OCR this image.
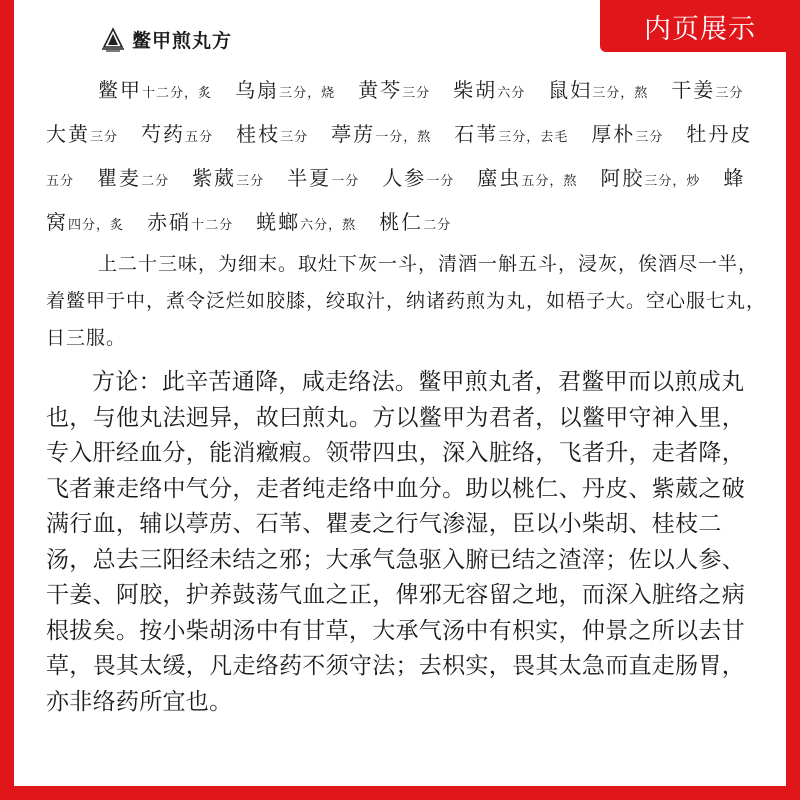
内页展示
鳖甲煎丸方

鳖甲十二分，炙 乌扇三分，烧 黄芩三分 柴胡六分 鼠妇三分，熬 干姜三分 大黄三分 芍药五分 桂枝三分 葶苈一分，熬 石苇三分，去毛 厚朴三分 牡丹皮五分 瞿麦二分 紫葳三分 半夏一分 人参一分 䗪虫五分，熬 阿胶三分，炒 蜂窝四分，炙 赤硝十二分 蜣螂六分，熬 桃仁二分

上二十三味，为细末。取灶下灰一斗，清酒一斛五斗，浸灰，俟酒尽一半，着鳖甲于中，煮令泛烂如胶膝，绞取汁，纳诸药煎为丸，如梧子大。空心服七丸，日三服。

方论：此辛苦通降，咸走络法。鳖甲煎丸者，君鳖甲而以煎成丸也，与他丸法迥异，故曰煎丸。方以鳖甲为君者，以鳖甲守神入里，专入肝经血分，能消癥瘕。领带四虫，深入脏络，飞者升，走者降，飞者兼走络中气分，走者纯走络中血分。助以桃仁、丹皮、紫葳之破满行血，辅以葶苈、石苇、瞿麦之行气渗湿，臣以小柴胡、桂枝二汤，总去三阳经未结之邪；大承气急驱入腑已结之渣滓；佐以人参、干姜、阿胶，护养鼓荡气血之正，俾邪无容留之地，而深入脏络之病根拔矣。按小柴胡汤中有甘草，大承气汤中有枳实，仲景之所以去甘草，畏其太缓，凡走络药不须守法；去枳实，畏其太急而直走肠胃，亦非络药所宜也。
